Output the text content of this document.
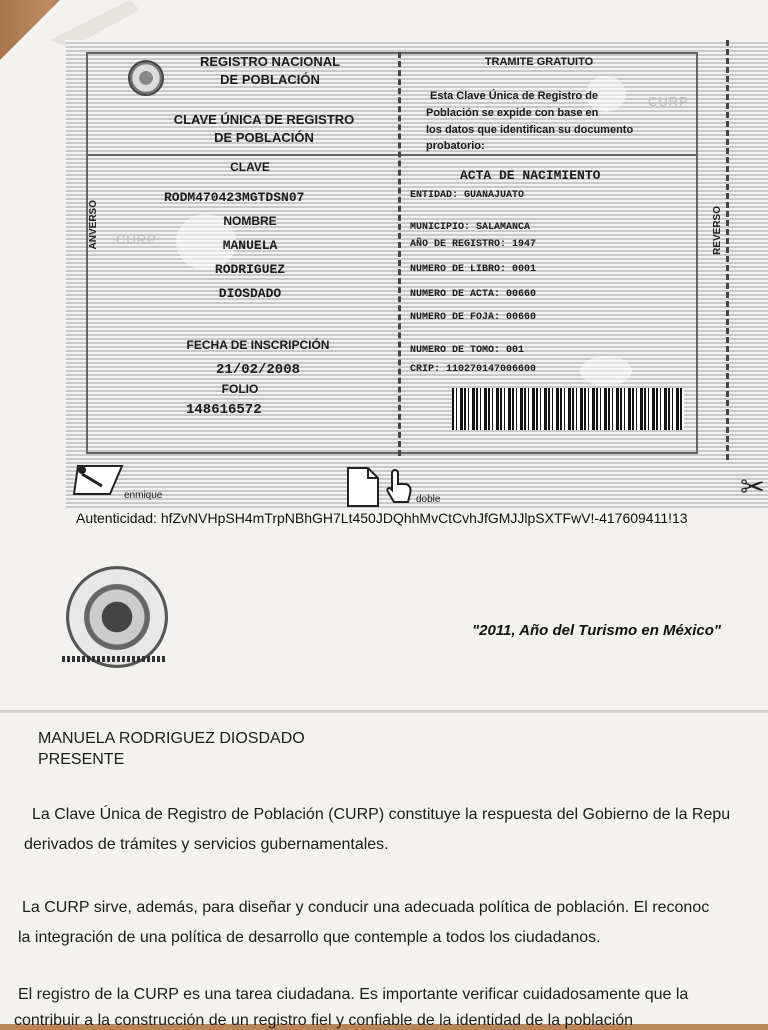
CURP
CURP
REGISTRO NACIONAL
DE POBLACIÓN
CLAVE ÚNICA DE REGISTRO
DE POBLACIÓN
CLAVE
RODM470423MGTDSN07
NOMBRE
MANUELA
RODRIGUEZ
DIOSDADO
FECHA DE INSCRIPCIÓN
21/02/2008
FOLIO
148616572
ANVERSO
TRAMITE GRATUITO
Esta Clave Única de Registro de
Población se expide con base en
los datos que identifican su documento
probatorio:
ACTA DE NACIMIENTO
ENTIDAD: GUANAJUATO
MUNICIPIO: SALAMANCA
AÑO DE REGISTRO: 1947
NUMERO DE LIBRO: 0001
NUMERO DE ACTA: 00660
NUMERO DE FOJA: 00660
NUMERO DE TOMO: 001
CRIP: 110270147006600
REVERSO
enmique	doble	✂
Autenticidad: hfZvNVHpSH4mTrpNBhGH7Lt450JDQhhMvCtCvhJfGMJJlpSXTFwV!-417609411!13
"2011, Año del Turismo en México"
MANUELA RODRIGUEZ DIOSDADO
PRESENTE
La Clave Única de Registro de Población (CURP) constituye la respuesta del Gobierno de la Repu
derivados de trámites y servicios gubernamentales.
La CURP sirve, además, para diseñar y conducir una adecuada política de población. El reconoc
la integración de una política de desarrollo que contemple a todos los ciudadanos.
El registro de la CURP es una tarea ciudadana. Es importante verificar cuidadosamente que la
contribuir a la construcción de un registro fiel y confiable de la identidad de la población
